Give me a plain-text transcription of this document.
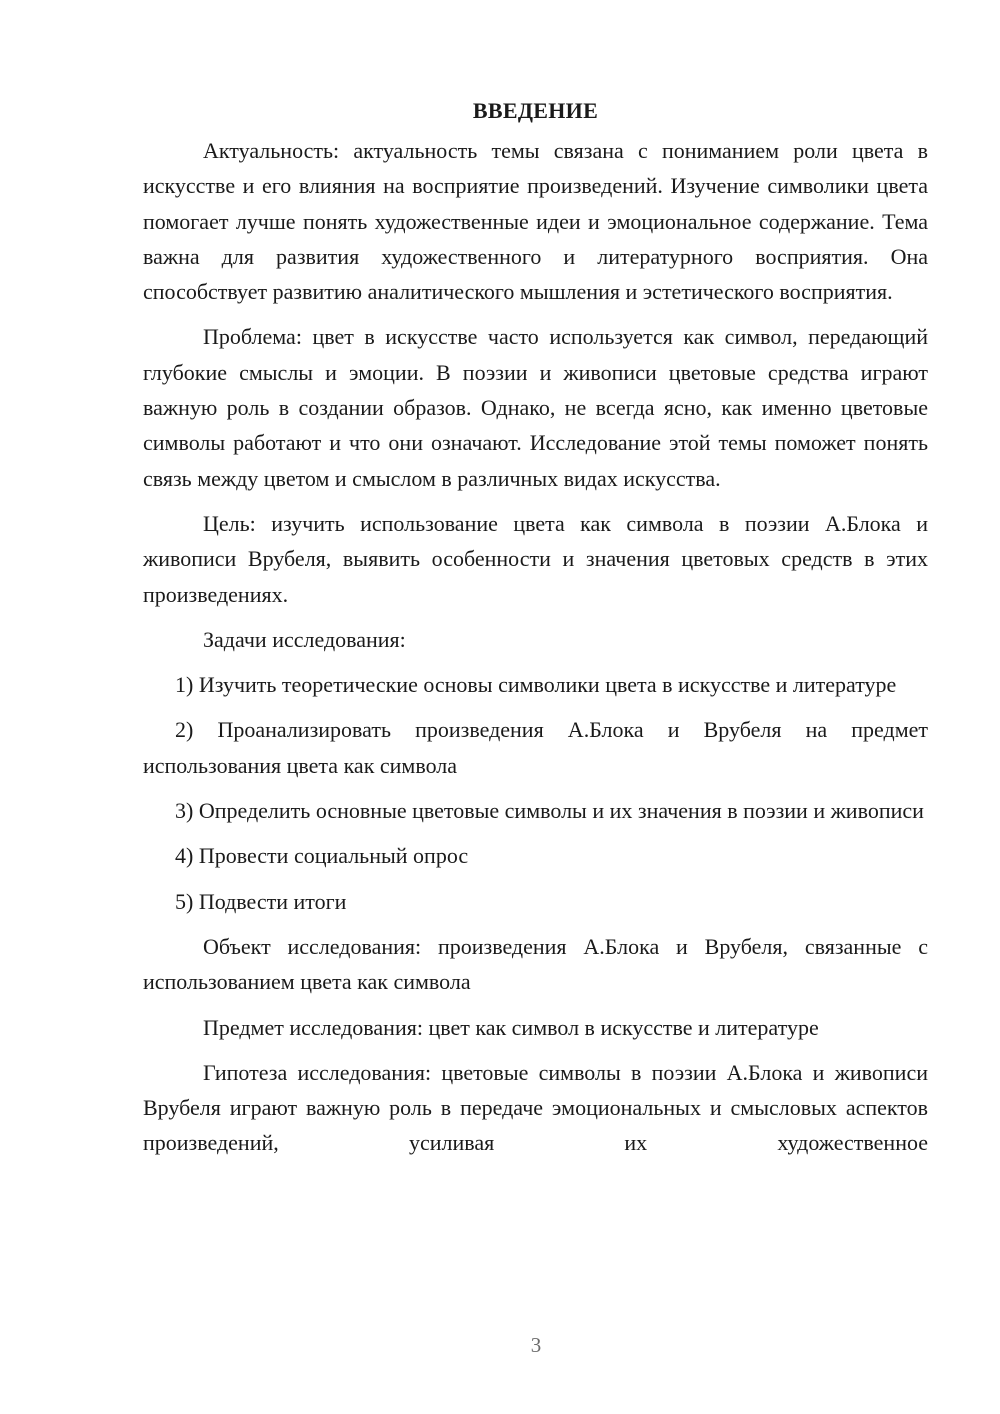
ВВЕДЕНИЕ

Актуальность: актуальность темы связана с пониманием роли цвета в искусстве и его влияния на восприятие произведений. Изучение символики цвета помогает лучше понять художественные идеи и эмоциональное содержание. Тема важна для развития художественного и литературного восприятия. Она способствует развитию аналитического мышления и эстетического восприятия.

Проблема: цвет в искусстве часто используется как символ, передающий глубокие смыслы и эмоции. В поэзии и живописи цветовые средства играют важную роль в создании образов. Однако, не всегда ясно, как именно цветовые символы работают и что они означают. Исследование этой темы поможет понять связь между цветом и смыслом в различных видах искусства.

Цель: изучить использование цвета как символа в поэзии А.Блока и живописи Врубеля, выявить особенности и значения цветовых средств в этих произведениях.

Задачи исследования:

1) Изучить теоретические основы символики цвета в искусстве и литературе

2) Проанализировать произведения А.Блока и Врубеля на предмет использования цвета как символа

3) Определить основные цветовые символы и их значения в поэзии и живописи

4) Провести социальный опрос

5) Подвести итоги

Объект исследования: произведения А.Блока и Врубеля, связанные с использованием цвета как символа

Предмет исследования: цвет как символ в искусстве и литературе

Гипотеза исследования: цветовые символы в поэзии А.Блока и живописи Врубеля играют важную роль в передаче эмоциональных и смысловых аспектов произведений, усиливая их художественное

3
